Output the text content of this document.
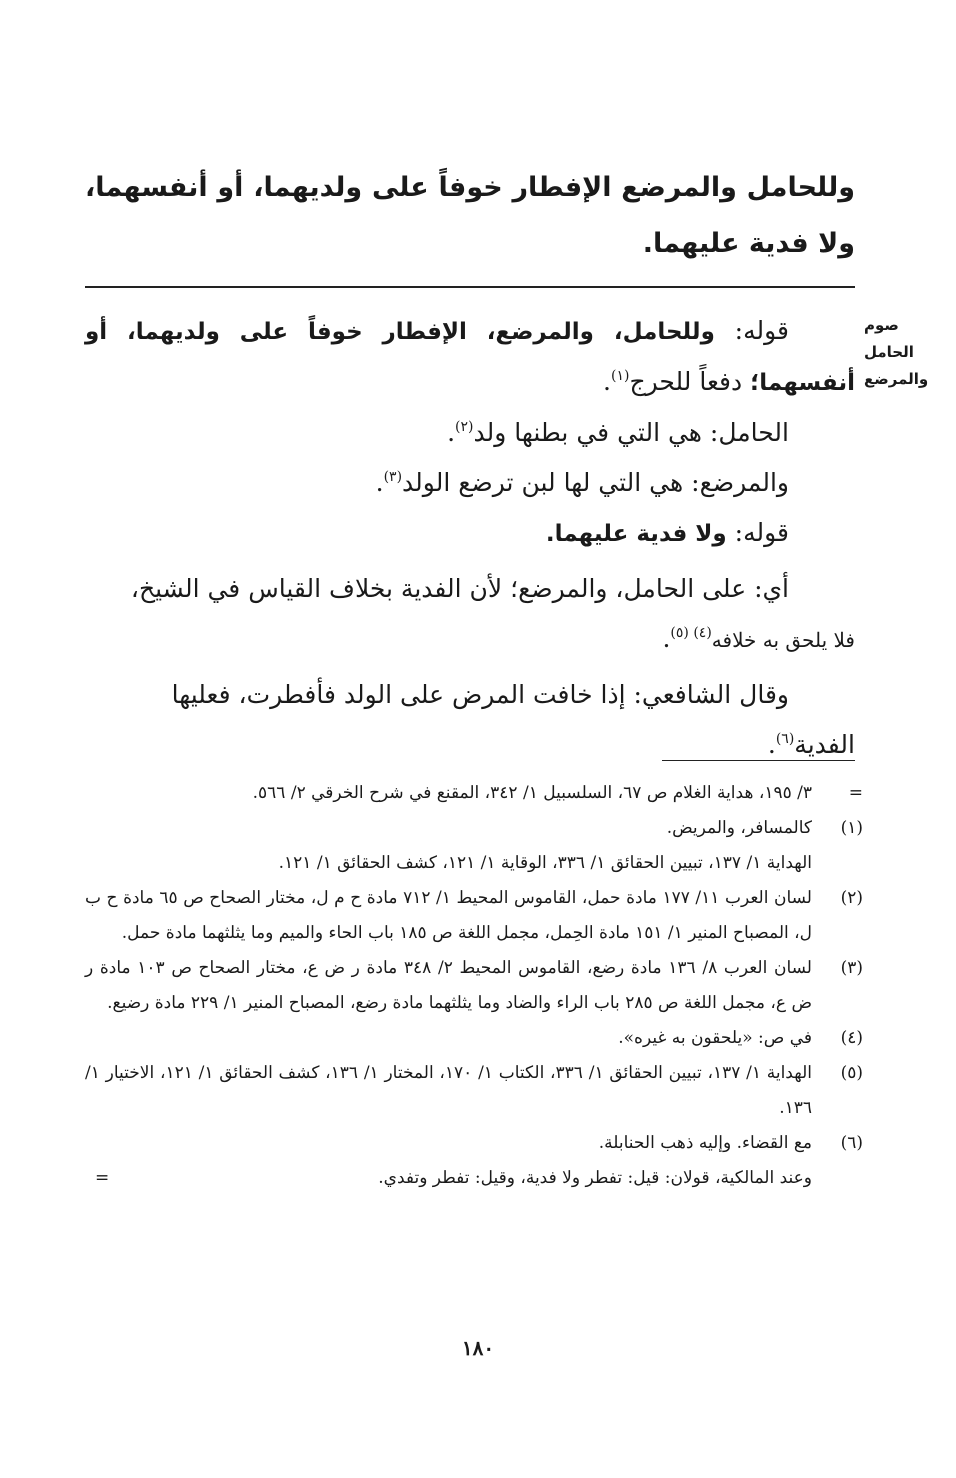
وللحامل والمرضع الإفطار خوفاً على ولديهما، أو أنفسهما، ولا فدية عليهما.
صوم
الحامل
والمرضع

قوله: وللحامل، والمرضع، الإفطار خوفاً على ولديهما، أو أنفسهما؛ دفعاً للحرج$^{(١)}$.

الحامل: هي التي في بطنها ولد$^{(٢)}$.

والمرضع: هي التي لها لبن ترضع الولد$^{(٣)}$.

قوله: ولا فدية عليهما.

أي: على الحامل، والمرضع؛ لأن الفدية بخلاف القياس في الشيخ،

فلا يلحق به خلافه$^{(٤) (٥)}$.

وقال الشافعي: إذا خافت المرض على الولد فأفطرت، فعليها

الفدية$^{(٦)}$.

=

٣/ ١٩٥، هداية الغلام ص ٦٧، السلسبيل ١/ ٣٤٢، المقنع في شرح الخرقي ٢/ ٥٦٦.

(١)

كالمسافر، والمريض.

الهداية ١/ ١٣٧، تبيين الحقائق ١/ ٣٣٦، الوقاية ١/ ١٢١، كشف الحقائق ١/ ١٢١.

(٢)

لسان العرب ١١/ ١٧٧ مادة حمل، القاموس المحيط ١/ ٧١٢ مادة ح م ل، مختار الصحاح ص ٦٥ مادة ح ب ل، المصباح المنير ١/ ١٥١ مادة الحِمل، مجمل اللغة ص ١٨٥ باب الحاء والميم وما يثلثهما مادة حمل.

(٣)

لسان العرب ٨/ ١٣٦ مادة رضع، القاموس المحيط ٢/ ٣٤٨ مادة ر ض ع، مختار الصحاح ص ١٠٣ مادة ر ض ع، مجمل اللغة ص ٢٨٥ باب الراء والضاد وما يثلثهما مادة رضع، المصباح المنير ١/ ٢٢٩ مادة رضيع.

(٤)

في ص: «يلحقون به غيره».

(٥)

الهداية ١/ ١٣٧، تبيين الحقائق ١/ ٣٣٦، الكتاب ١/ ١٧٠، المختار ١/ ١٣٦، كشف الحقائق ١/ ١٢١، الاختيار ١/ ١٣٦.

(٦)

مع القضاء. وإليه ذهب الحنابلة.

وعند المالكية، قولان: قيل: تفطر ولا فدية، وقيل: تفطر وتفدي.

=
١٨٠
